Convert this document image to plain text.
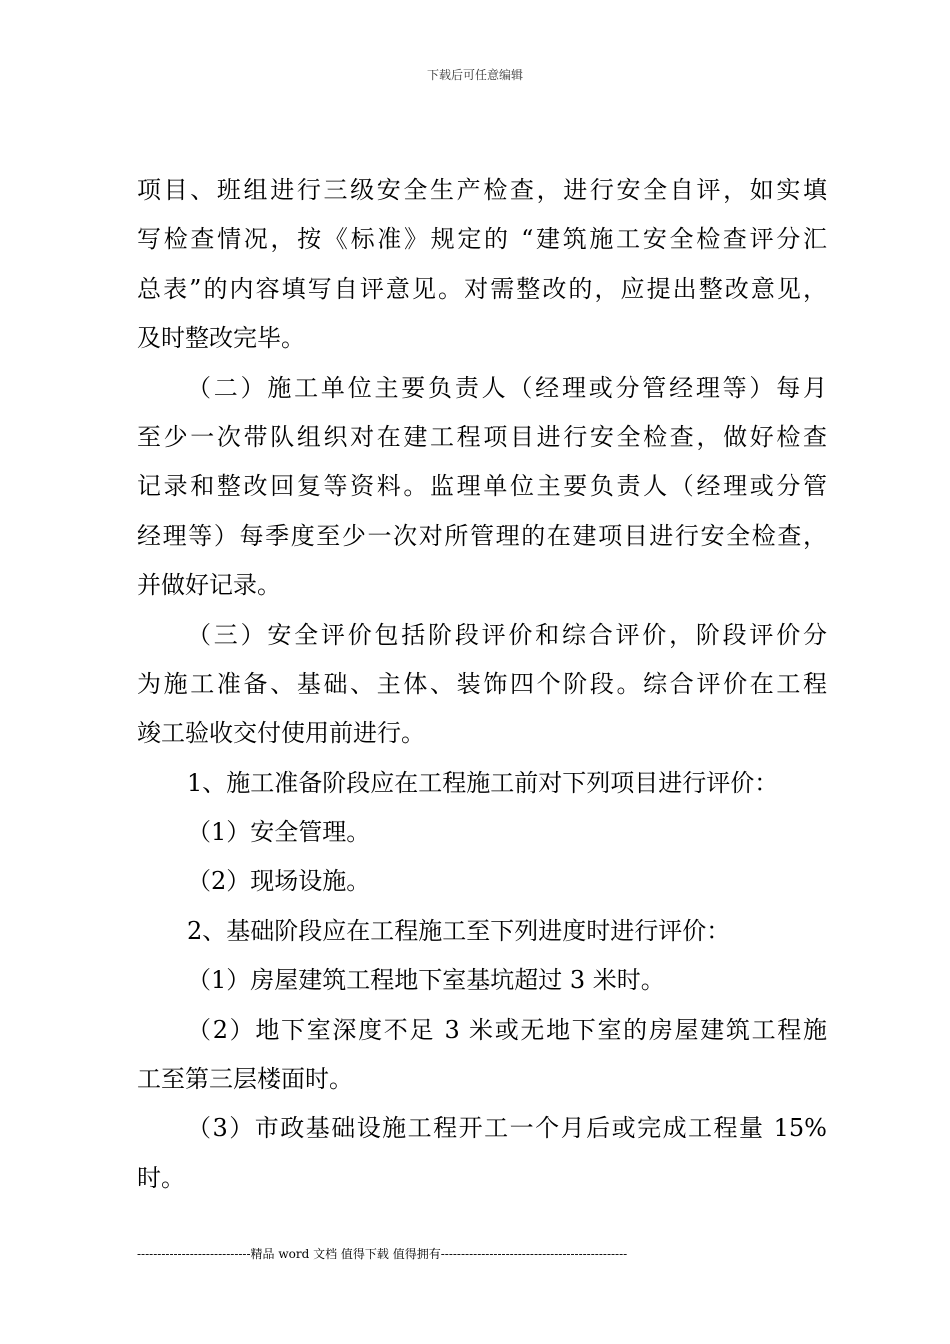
下载后可任意编辑
项目、班组进行三级安全生产检查，进行安全自评，如实填
写检查情况，按《标准》规定的 “建筑施工安全检查评分汇
总表”的内容填写自评意见。对需整改的，应提出整改意见，
及时整改完毕。
（二）施工单位主要负责人（经理或分管经理等）每月
至少一次带队组织对在建工程项目进行安全检查，做好检查
记录和整改回复等资料。监理单位主要负责人（经理或分管
经理等）每季度至少一次对所管理的在建项目进行安全检查，
并做好记录。
（三）安全评价包括阶段评价和综合评价，阶段评价分
为施工准备、基础、主体、装饰四个阶段。综合评价在工程
竣工验收交付使用前进行。
1、施工准备阶段应在工程施工前对下列项目进行评价：
（1）安全管理。
（2）现场设施。
2、基础阶段应在工程施工至下列进度时进行评价：
（1）房屋建筑工程地下室基坑超过 3 米时。
（2）地下室深度不足 3 米或无地下室的房屋建筑工程施
工至第三层楼面时。
（3）市政基础设施工程开工一个月后或完成工程量 15%
时。
----------------------------精品 word 文档 值得下载 值得拥有----------------------------------------------
